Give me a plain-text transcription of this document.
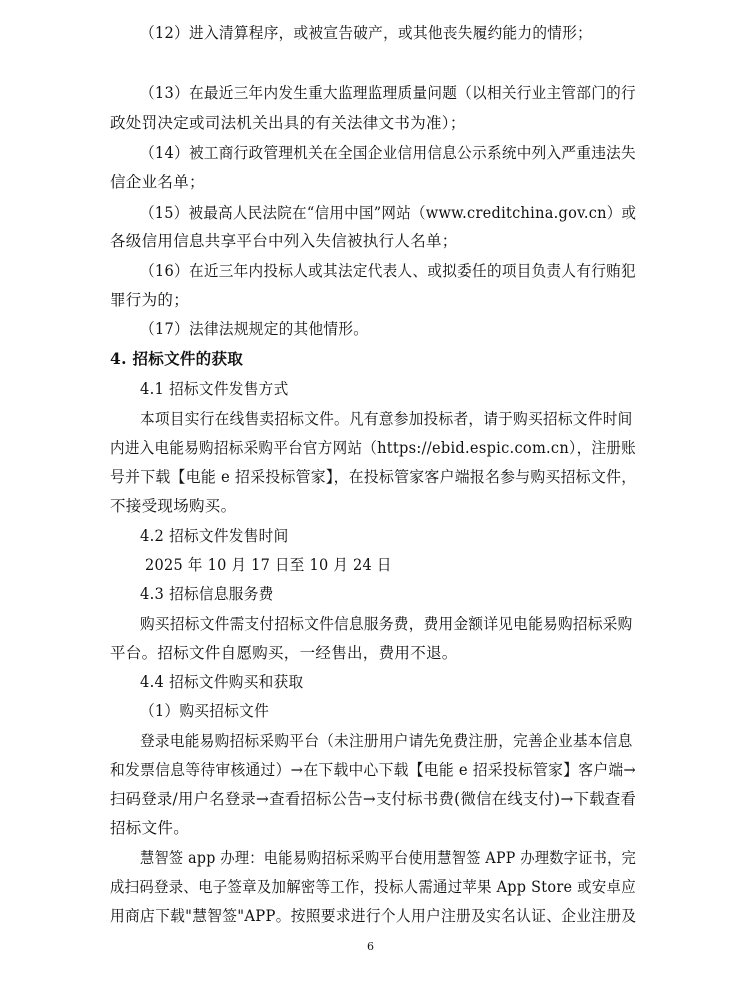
（12）进入清算程序，或被宣告破产，或其他丧失履约能力的情形；
（13）在最近三年内发生重大监理监理质量问题（以相关行业主管部门的行
政处罚决定或司法机关出具的有关法律文书为准）；
（14）被工商行政管理机关在全国企业信用信息公示系统中列入严重违法失
信企业名单；
（15）被最高人民法院在“信用中国”网站（www.creditchina.gov.cn）或
各级信用信息共享平台中列入失信被执行人名单；
（16）在近三年内投标人或其法定代表人、或拟委任的项目负责人有行贿犯
罪行为的；
（17）法律法规规定的其他情形。
4. 招标文件的获取
4.1 招标文件发售方式
本项目实行在线售卖招标文件。凡有意参加投标者，请于购买招标文件时间
内进入电能易购招标采购平台官方网站（https://ebid.espic.com.cn），注册账
号并下载【电能 e 招采投标管家】，在投标管家客户端报名参与购买招标文件，
不接受现场购买。
4.2 招标文件发售时间
2025 年 10 月 17 日至 10 月 24 日
4.3 招标信息服务费
购买招标文件需支付招标文件信息服务费，费用金额详见电能易购招标采购
平台。招标文件自愿购买，一经售出，费用不退。
4.4 招标文件购买和获取
（1）购买招标文件
登录电能易购招标采购平台（未注册用户请先免费注册，完善企业基本信息
和发票信息等待审核通过）→在下载中心下载【电能 e 招采投标管家】客户端→
扫码登录/用户名登录→查看招标公告→支付标书费(微信在线支付)→下载查看
招标文件。
慧智签 app 办理：电能易购招标采购平台使用慧智签 APP 办理数字证书，完
成扫码登录、电子签章及加解密等工作，投标人需通过苹果 App Store 或安卓应
用商店下载"慧智签"APP。按照要求进行个人用户注册及实名认证、企业注册及
6
